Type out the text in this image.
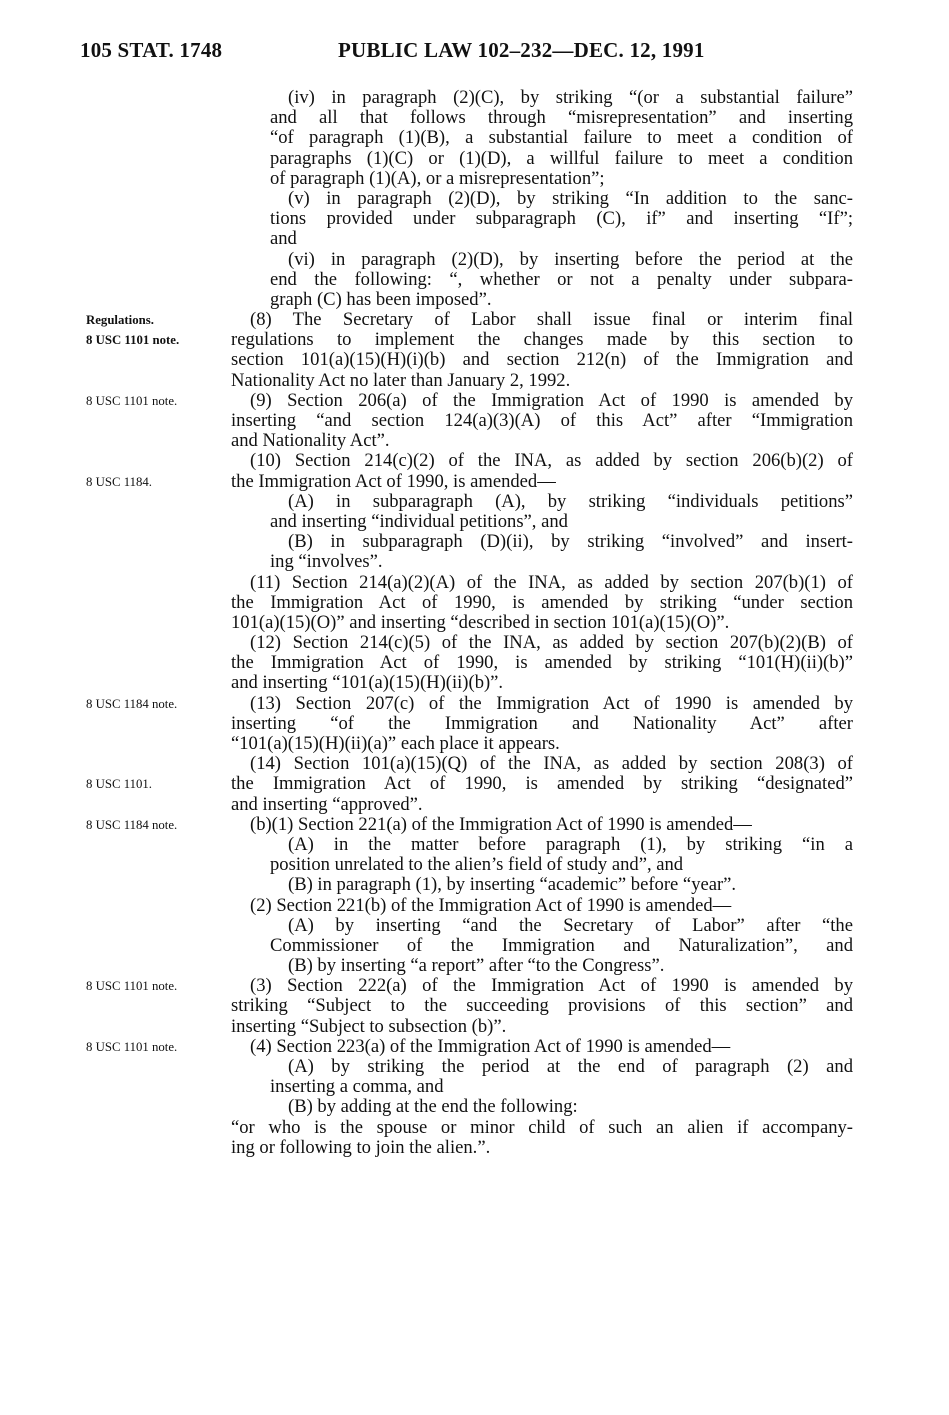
105 STAT. 1748	PUBLIC LAW 102–232—DEC. 12, 1991
(iv) in paragraph (2)(C), by striking “(or a substantial failure”
and all that follows through “misrepresentation” and inserting
“of paragraph (1)(B), a substantial failure to meet a condition of
paragraphs (1)(C) or (1)(D), a willful failure to meet a condition
of paragraph (1)(A), or a misrepresentation”;
(v) in paragraph (2)(D), by striking “In addition to the sanc-
tions provided under subparagraph (C), if” and inserting “If”;
and
(vi) in paragraph (2)(D), by inserting before the period at the
end the following: “, whether or not a penalty under subpara-
graph (C) has been imposed”.
Regulations.	(8) The Secretary of Labor shall issue final or interim final
8 USC 1101 note.	regulations to implement the changes made by this section to
section 101(a)(15)(H)(i)(b) and section 212(n) of the Immigration and
Nationality Act no later than January 2, 1992.
8 USC 1101 note.	(9) Section 206(a) of the Immigration Act of 1990 is amended by
inserting “and section 124(a)(3)(A) of this Act” after “Immigration
and Nationality Act”.
(10) Section 214(c)(2) of the INA, as added by section 206(b)(2) of
8 USC 1184.	the Immigration Act of 1990, is amended—
(A) in subparagraph (A), by striking “individuals petitions”
and inserting “individual petitions”, and
(B) in subparagraph (D)(ii), by striking “involved” and insert-
ing “involves”.
(11) Section 214(a)(2)(A) of the INA, as added by section 207(b)(1) of
the Immigration Act of 1990, is amended by striking “under section
101(a)(15)(O)” and inserting “described in section 101(a)(15)(O)”.
(12) Section 214(c)(5) of the INA, as added by section 207(b)(2)(B) of
the Immigration Act of 1990, is amended by striking “101(H)(ii)(b)”
and inserting “101(a)(15)(H)(ii)(b)”.
8 USC 1184 note.	(13) Section 207(c) of the Immigration Act of 1990 is amended by
inserting “of the Immigration and Nationality Act” after
“101(a)(15)(H)(ii)(a)” each place it appears.
(14) Section 101(a)(15)(Q) of the INA, as added by section 208(3) of
8 USC 1101.	the Immigration Act of 1990, is amended by striking “designated”
and inserting “approved”.
8 USC 1184 note.	(b)(1) Section 221(a) of the Immigration Act of 1990 is amended—
(A) in the matter before paragraph (1), by striking “in a
position unrelated to the alien’s field of study and”, and
(B) in paragraph (1), by inserting “academic” before “year”.
(2) Section 221(b) of the Immigration Act of 1990 is amended—
(A) by inserting “and the Secretary of Labor” after “the
Commissioner of the Immigration and Naturalization”, and
(B) by inserting “a report” after “to the Congress”.
8 USC 1101 note.	(3) Section 222(a) of the Immigration Act of 1990 is amended by
striking “Subject to the succeeding provisions of this section” and
inserting “Subject to subsection (b)”.
8 USC 1101 note.	(4) Section 223(a) of the Immigration Act of 1990 is amended—
(A) by striking the period at the end of paragraph (2) and
inserting a comma, and
(B) by adding at the end the following:
“or who is the spouse or minor child of such an alien if accompany-
ing or following to join the alien.”.
